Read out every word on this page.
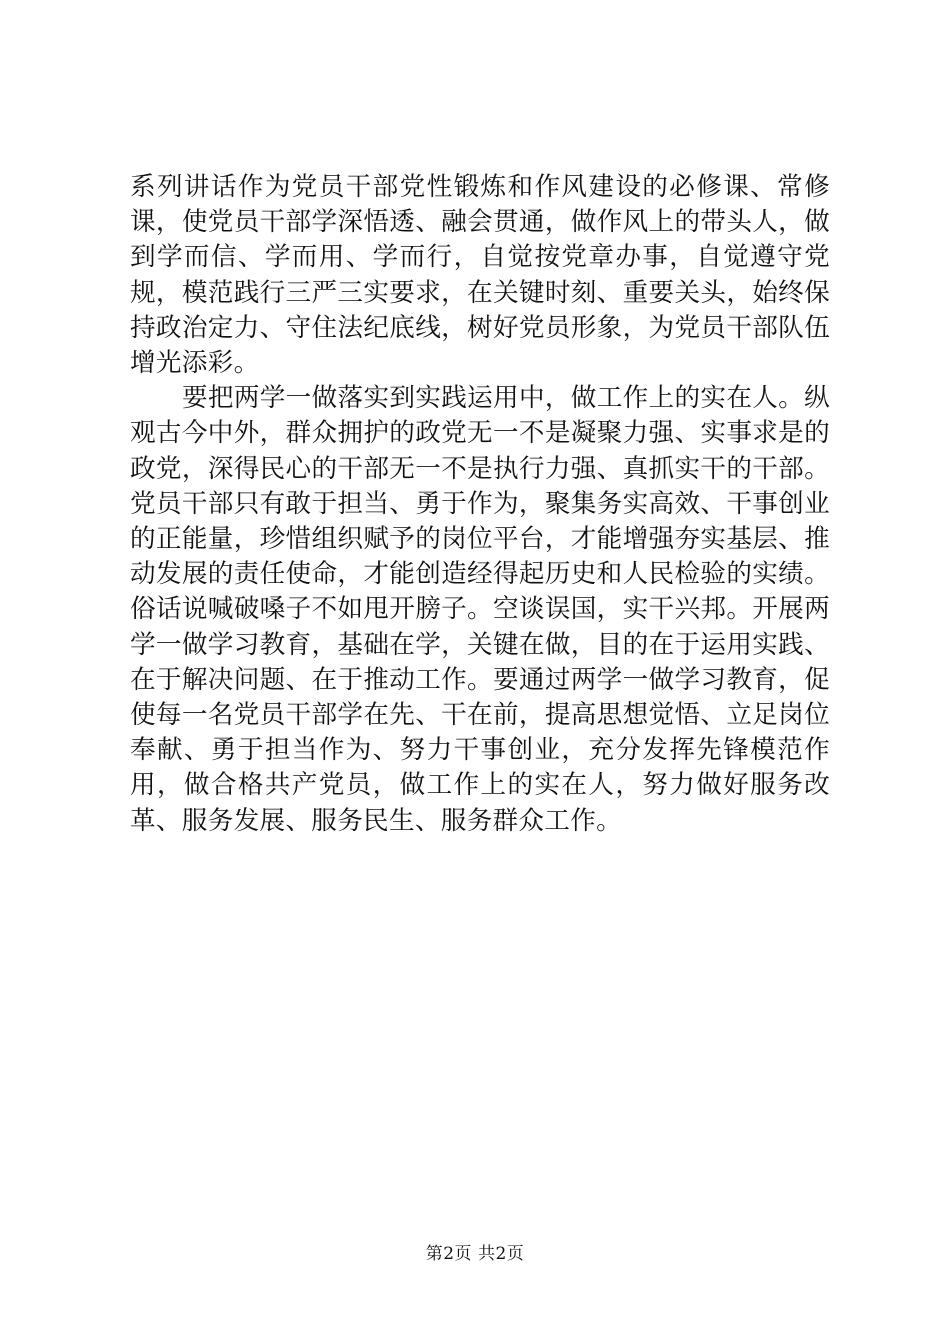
系列讲话作为党员干部党性锻炼和作风建设的必修课、常修课，使党员干部学深悟透、融会贯通，做作风上的带头人，做到学而信、学而用、学而行，自觉按党章办事，自觉遵守党规，模范践行三严三实要求，在关键时刻、重要关头，始终保持政治定力、守住法纪底线，树好党员形象，为党员干部队伍增光添彩。

要把两学一做落实到实践运用中，做工作上的实在人。纵观古今中外，群众拥护的政党无一不是凝聚力强、实事求是的政党，深得民心的干部无一不是执行力强、真抓实干的干部。党员干部只有敢于担当、勇于作为，聚集务实高效、干事创业的正能量，珍惜组织赋予的岗位平台，才能增强夯实基层、推动发展的责任使命，才能创造经得起历史和人民检验的实绩。俗话说喊破嗓子不如甩开膀子。空谈误国，实干兴邦。开展两学一做学习教育，基础在学，关键在做，目的在于运用实践、在于解决问题、在于推动工作。要通过两学一做学习教育，促使每一名党员干部学在先、干在前，提高思想觉悟、立足岗位奉献、勇于担当作为、努力干事创业，充分发挥先锋模范作用，做合格共产党员，做工作上的实在人，努力做好服务改革、服务发展、服务民生、服务群众工作。

第2页 共2页
